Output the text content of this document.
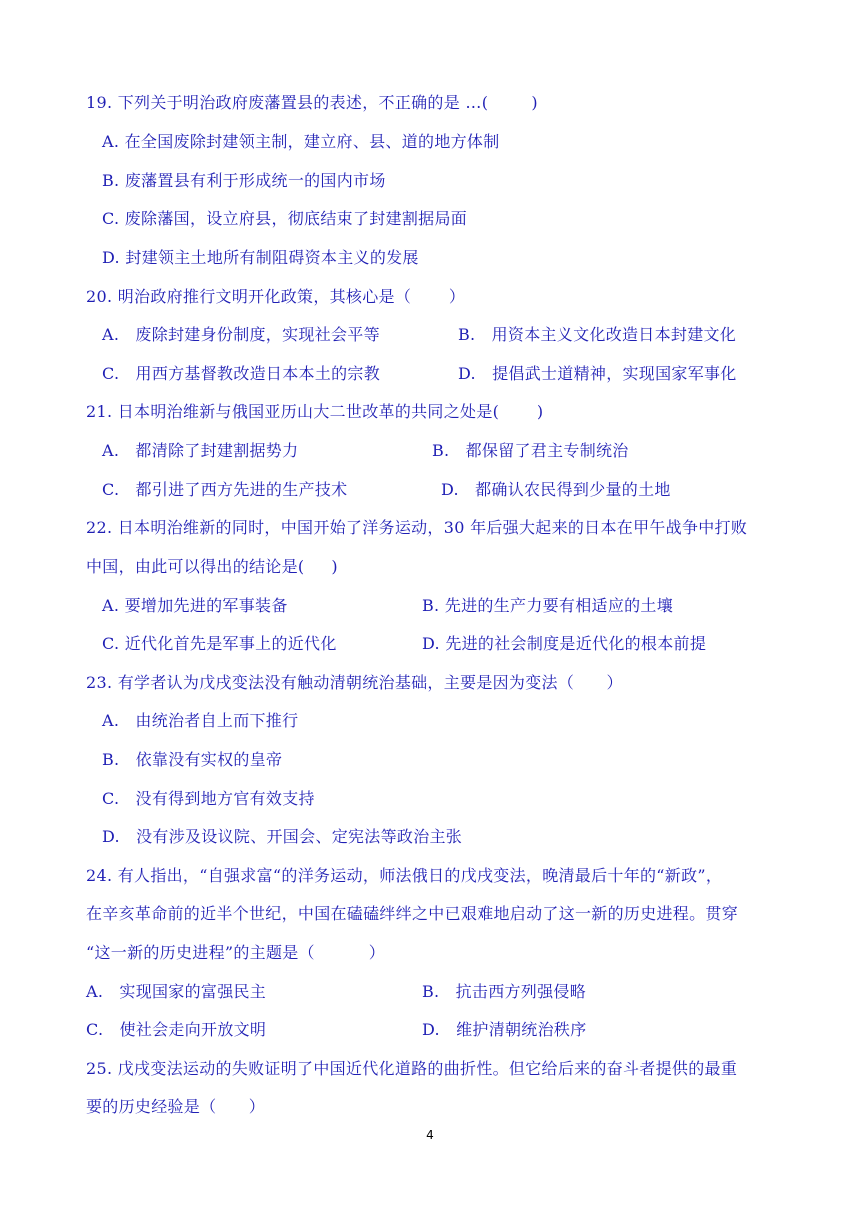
19. 下列关于明治政府废藩置县的表述，不正确的是 …(        )
A. 在全国废除封建领主制，建立府、县、道的地方体制
B. 废藩置县有利于形成统一的国内市场
C. 废除藩国，设立府县，彻底结束了封建割据局面
D. 封建领主土地所有制阻碍资本主义的发展
20. 明治政府推行文明开化政策，其核心是（       ）
A.   废除封建身份制度，实现社会平等	B.   用资本主义文化改造日本封建文化
C.   用西方基督教改造日本本土的宗教	D.   提倡武士道精神，实现国家军事化
21. 日本明治维新与俄国亚历山大二世改革的共同之处是(       )
A.   都清除了封建割据势力	B.   都保留了君主专制统治
C.   都引进了西方先进的生产技术	D.   都确认农民得到少量的土地
22. 日本明治维新的同时，中国开始了洋务运动，30 年后强大起来的日本在甲午战争中打败
中国，由此可以得出的结论是(     )
A. 要增加先进的军事装备	B. 先进的生产力要有相适应的土壤
C. 近代化首先是军事上的近代化	D. 先进的社会制度是近代化的根本前提
23. 有学者认为戊戌变法没有触动清朝统治基础，主要是因为变法（      ）
A.   由统治者自上而下推行
B.   依靠没有实权的皇帝
C.   没有得到地方官有效支持
D.   没有涉及设议院、开国会、定宪法等政治主张
24. 有人指出，“自强求富“的洋务运动，师法俄日的戊戌变法，晚清最后十年的“新政”，
在辛亥革命前的近半个世纪，中国在磕磕绊绊之中已艰难地启动了这一新的历史进程。贯穿
“这一新的历史进程”的主题是（          ）
A.   实现国家的富强民主	B.   抗击西方列强侵略
C.   使社会走向开放文明	D.   维护清朝统治秩序
25. 戊戌变法运动的失败证明了中国近代化道路的曲折性。但它给后来的奋斗者提供的最重
要的历史经验是（      ）
4
